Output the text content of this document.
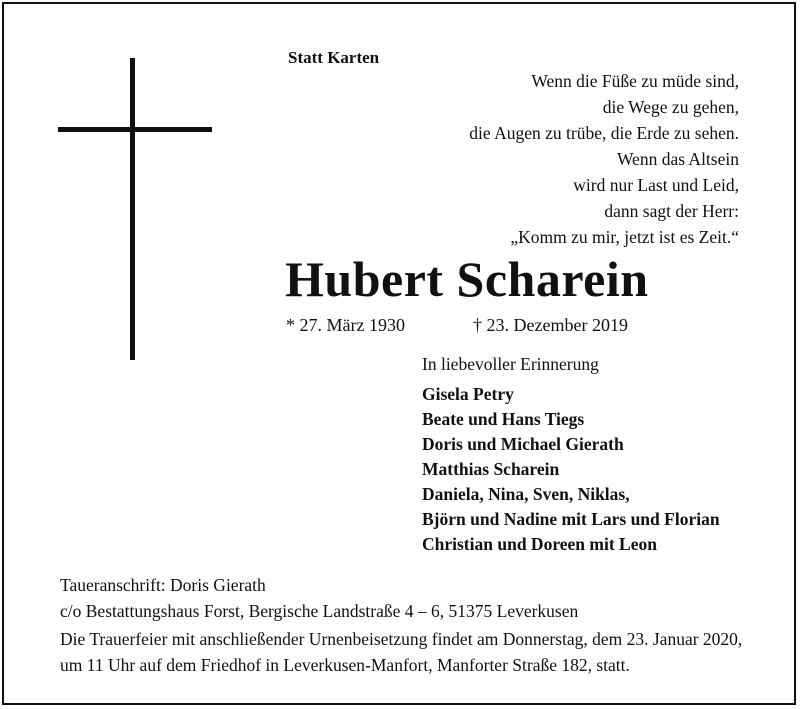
Statt Karten
Wenn die Füße zu müde sind,
die Wege zu gehen,
die Augen zu trübe, die Erde zu sehen.
Wenn das Altsein
wird nur Last und Leid,
dann sagt der Herr:
„Komm zu mir, jetzt ist es Zeit.“
Hubert Scharein
* 27. März 1930	† 23. Dezember 2019
In liebevoller Erinnerung
Gisela Petry
Beate und Hans Tiegs
Doris und Michael Gierath
Matthias Scharein
Daniela, Nina, Sven, Niklas,
Björn und Nadine mit Lars und Florian
Christian und Doreen mit Leon
Taueranschrift: Doris Gierath
c/o Bestattungshaus Forst, Bergische Landstraße 4 – 6, 51375 Leverkusen
Die Trauerfeier mit anschließender Urnenbeisetzung findet am Donnerstag, dem 23. Januar 2020, um 11 Uhr auf dem Friedhof in Leverkusen-Manfort, Manforter Straße 182, statt.
